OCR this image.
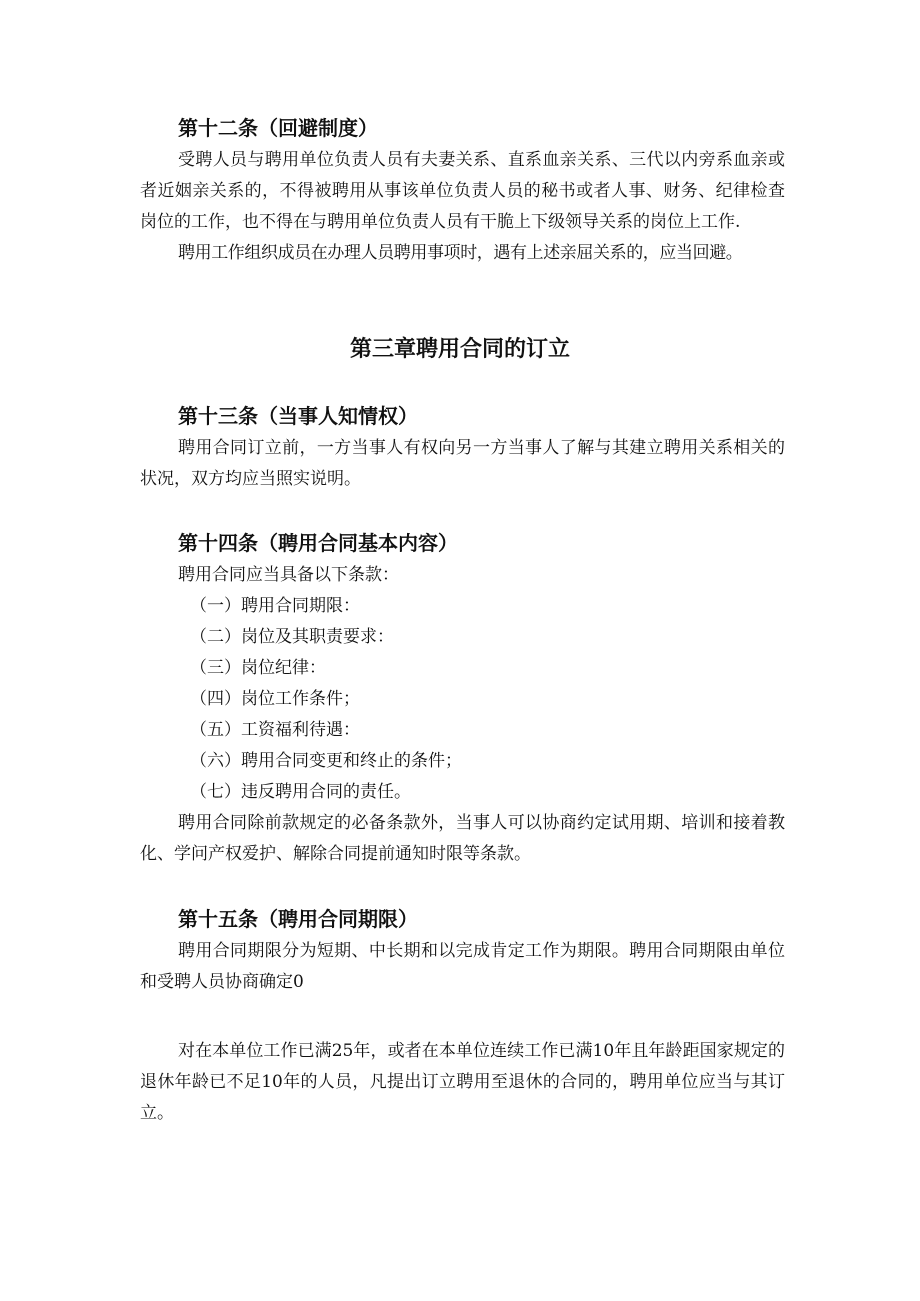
第十二条（回避制度）

受聘人员与聘用单位负责人员有夫妻关系、直系血亲关系、三代以内旁系血亲或者近姻亲关系的，不得被聘用从事该单位负责人员的秘书或者人事、财务、纪律检查岗位的工作，也不得在与聘用单位负责人员有干脆上下级领导关系的岗位上工作.

聘用工作组织成员在办理人员聘用事项时，遇有上述亲屈关系的，应当回避。

第三章聘用合同的订立
第十三条（当事人知情权）

聘用合同订立前，一方当事人有权向另一方当事人了解与其建立聘用关系相关的状况，双方均应当照实说明。

第十四条（聘用合同基本内容）

聘用合同应当具备以下条款：

（一）聘用合同期限：
（二）岗位及其职责要求：
（三）岗位纪律：
（四）岗位工作条件；
（五）工资福利待遇：
（六）聘用合同变更和终止的条件；
（七）违反聘用合同的责任。

聘用合同除前款规定的必备条款外，当事人可以协商约定试用期、培训和接着教化、学问产权爱护、解除合同提前通知时限等条款。

第十五条（聘用合同期限）

聘用合同期限分为短期、中长期和以完成肯定工作为期限。聘用合同期限由单位和受聘人员协商确定0

对在本单位工作已满25年，或者在本单位连续工作已满10年且年龄距国家规定的退休年龄已不足10年的人员，凡提出订立聘用至退休的合同的，聘用单位应当与其订立。
